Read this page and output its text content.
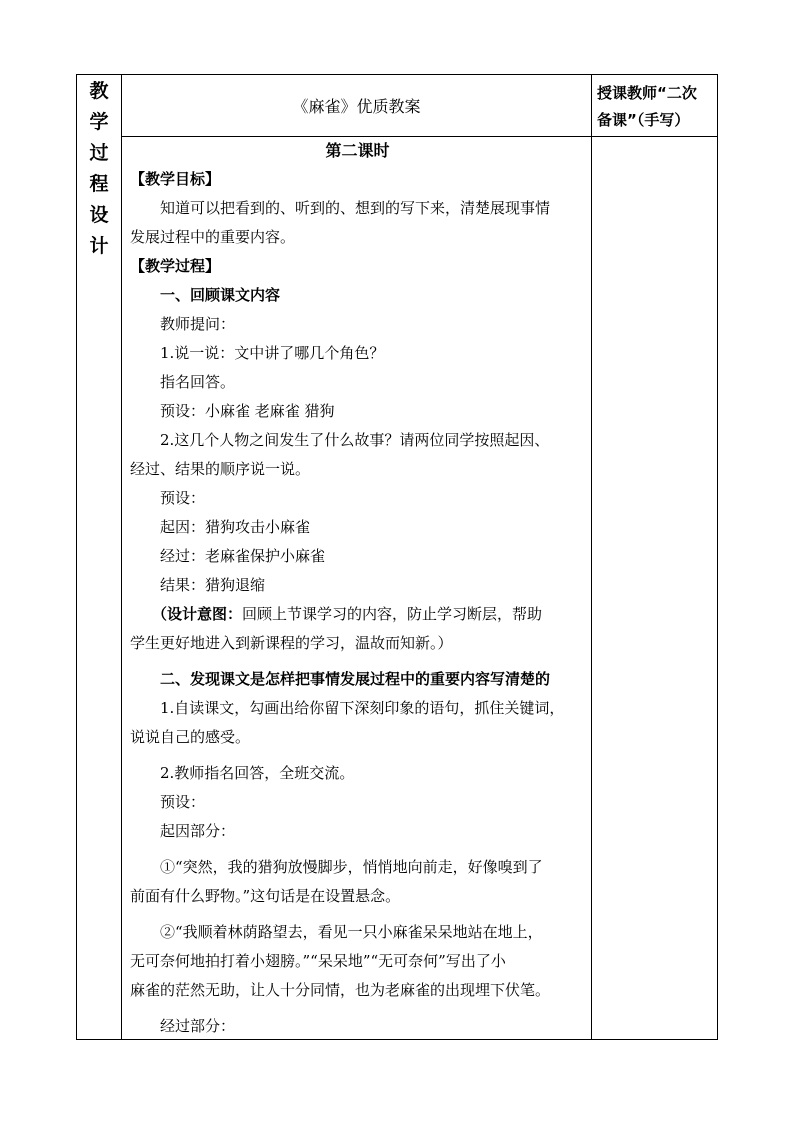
教
学
过
程
设
计
《麻雀》优质教案
授课教师“二次
备课”（手写）
第二课时
【教学目标】
知道可以把看到的、听到的、想到的写下来，清楚展现事情
发展过程中的重要内容。
【教学过程】
一、回顾课文内容
教师提问：
1.说一说：文中讲了哪几个角色？
指名回答。
预设：小麻雀 老麻雀 猎狗
2.这几个人物之间发生了什么故事？请两位同学按照起因、
经过、结果的顺序说一说。
预设：
起因：猎狗攻击小麻雀
经过：老麻雀保护小麻雀
结果：猎狗退缩
（设计意图：回顾上节课学习的内容，防止学习断层，帮助
学生更好地进入到新课程的学习，温故而知新。）
二、发现课文是怎样把事情发展过程中的重要内容写清楚的
1.自读课文，勾画出给你留下深刻印象的语句，抓住关键词，
说说自己的感受。
2.教师指名回答，全班交流。
预设：
起因部分：
①“突然，我的猎狗放慢脚步，悄悄地向前走，好像嗅到了
前面有什么野物。”这句话是在设置悬念。
②“我顺着林荫路望去，看见一只小麻雀呆呆地站在地上，
无可奈何地拍打着小翅膀。”“呆呆地”“无可奈何”写出了小
麻雀的茫然无助，让人十分同情，也为老麻雀的出现埋下伏笔。
经过部分：
